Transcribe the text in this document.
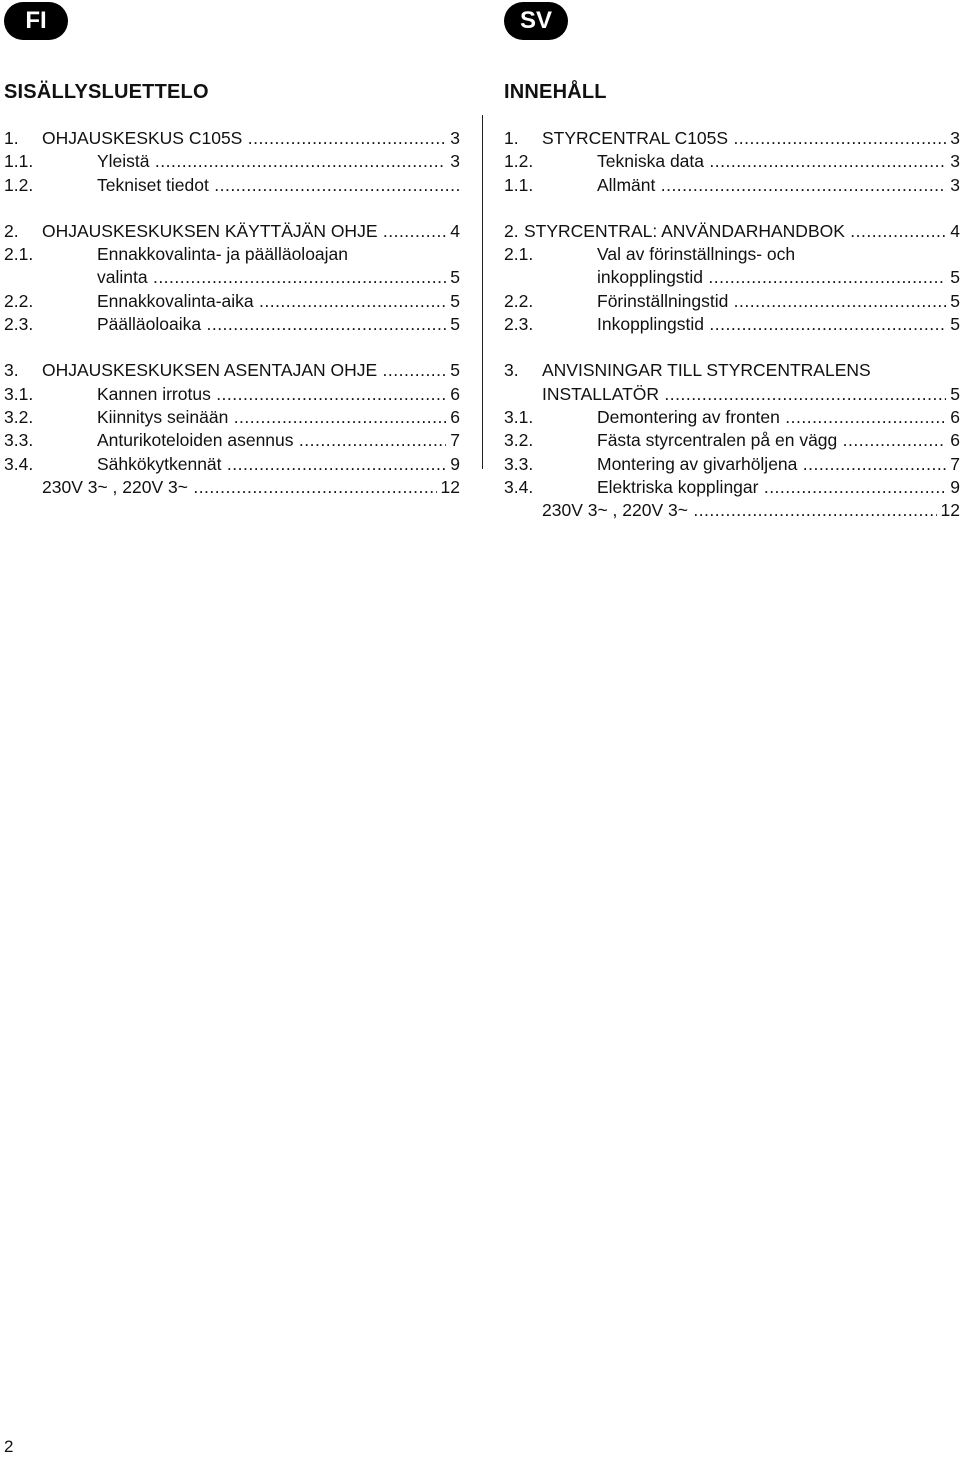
FI	SV
SISÄLLYSLUETTELO	INNEHÅLL
1. OHJAUSKESKUS C105S .....	3
1.1.	Yleistä .....	3
1.2.	Tekniset tiedot .....
2. OHJAUSKESKUKSEN KÄYTTÄJÄN OHJE .....	4
2.1.	Ennakkovalinta- ja päälläoloajan
valinta .....	5
2.2.	Ennakkovalinta-aika .....	5
2.3.	Päälläoloaika .....	5
3. OHJAUSKESKUKSEN ASENTAJAN OHJE .....	5
3.1.	Kannen irrotus .....	6
3.2.	Kiinnitys seinään .....	6
3.3.	Anturikoteloiden asennus .....	7
3.4.	Sähkökytkennät .....	9
230V 3~ , 220V 3~ .....	12
1. STYRCENTRAL C105S .....	3
1.2.	Tekniska data .....	3
1.1.	Allmänt .....	3
2. STYRCENTRAL: ANVÄNDARHANDBOK .....	4
2.1.	Val av förinställnings- och
inkopplingstid .....	5
2.2.	Förinställningstid .....	5
2.3.	Inkopplingstid .....	5
3. ANVISNINGAR TILL STYRCENTRALENS
INSTALLATÖR .....	5
3.1.	Demontering av fronten .....	6
3.2.	Fästa styrcentralen på en vägg .....	6
3.3.	Montering av givarhöljena .....	7
3.4.	Elektriska kopplingar .....	9
230V 3~ , 220V 3~ .....	12
2
